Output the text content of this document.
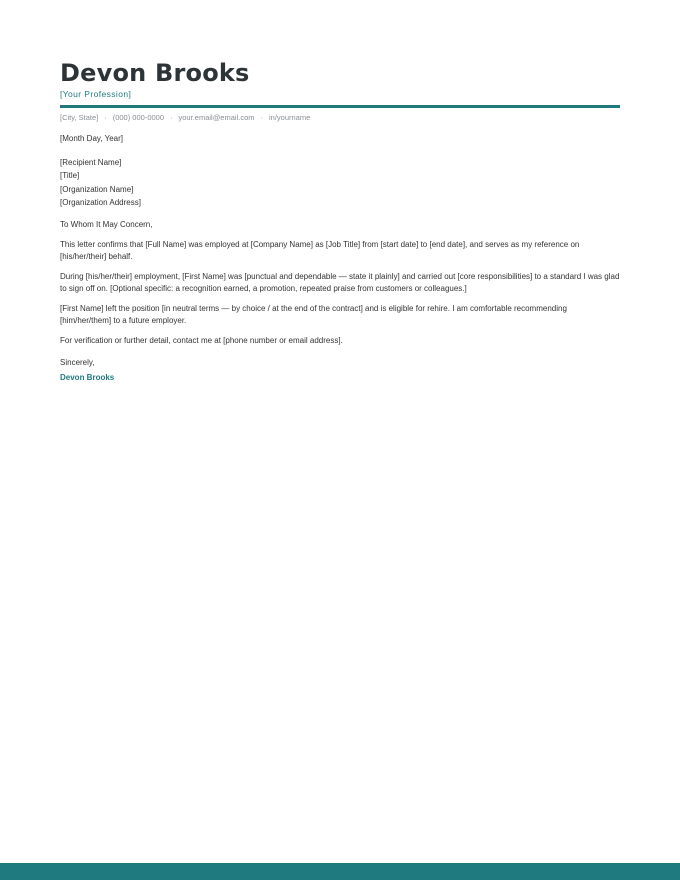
Devon Brooks
[Your Profession]
[City, State] · (000) 000-0000 · your.email@email.com · in/yourname
[Month Day, Year]
[Recipient Name]
[Title]
[Organization Name]
[Organization Address]
To Whom It May Concern,
This letter confirms that [Full Name] was employed at [Company Name] as [Job Title] from [start date] to [end date], and serves as my reference on [his/her/their] behalf.
During [his/her/their] employment, [First Name] was [punctual and dependable — state it plainly] and carried out [core responsibilities] to a standard I was glad to sign off on. [Optional specific: a recognition earned, a promotion, repeated praise from customers or colleagues.]
[First Name] left the position [in neutral terms — by choice / at the end of the contract] and is eligible for rehire. I am comfortable recommending [him/her/them] to a future employer.
For verification or further detail, contact me at [phone number or email address].
Sincerely,
Devon Brooks
